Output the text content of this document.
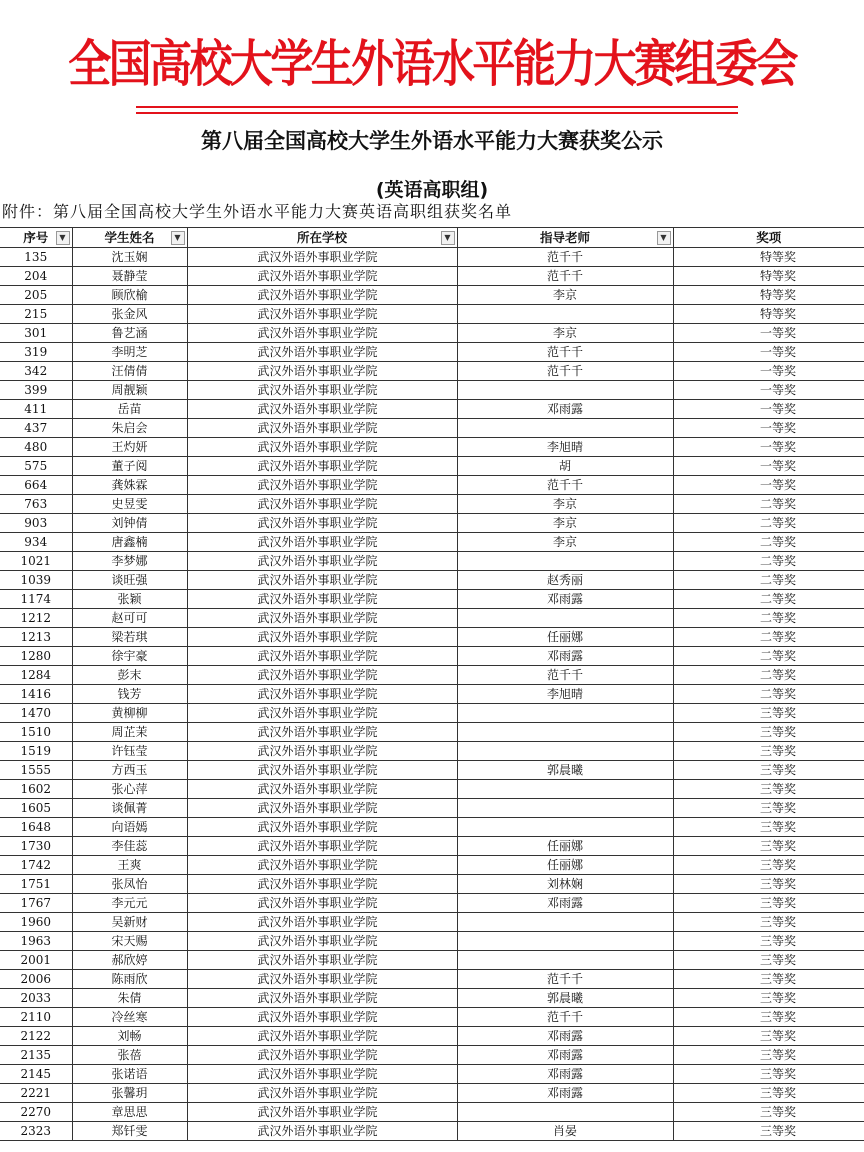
全国高校大学生外语水平能力大赛组委会
第八届全国高校大学生外语水平能力大赛获奖公示
(英语高职组)
附件：第八届全国高校大学生外语水平能力大赛英语高职组获奖名单
序号 ▼	学生姓名 ▼	所在学校 ▼	指导老师 ▼	奖项
135	沈玉娴	武汉外语外事职业学院	范千千	特等奖
204	聂静莹	武汉外语外事职业学院	范千千	特等奖
205	顾欣榆	武汉外语外事职业学院	李京	特等奖
215	张金风	武汉外语外事职业学院		特等奖
301	鲁艺涵	武汉外语外事职业学院	李京	一等奖
319	李明芝	武汉外语外事职业学院	范千千	一等奖
342	汪倩倩	武汉外语外事职业学院	范千千	一等奖
399	周靓颖	武汉外语外事职业学院		一等奖
411	岳苗	武汉外语外事职业学院	邓雨露	一等奖
437	朱启会	武汉外语外事职业学院		一等奖
480	王灼妍	武汉外语外事职业学院	李旭晴	一等奖
575	董子阅	武汉外语外事职业学院	胡	一等奖
664	龚姝霖	武汉外语外事职业学院	范千千	一等奖
763	史昱雯	武汉外语外事职业学院	李京	二等奖
903	刘钟倩	武汉外语外事职业学院	李京	二等奖
934	唐鑫楠	武汉外语外事职业学院	李京	二等奖
1021	李梦娜	武汉外语外事职业学院		二等奖
1039	谈旺强	武汉外语外事职业学院	赵秀丽	二等奖
1174	张颖	武汉外语外事职业学院	邓雨露	二等奖
1212	赵可可	武汉外语外事职业学院		二等奖
1213	梁若琪	武汉外语外事职业学院	任丽娜	二等奖
1280	徐宇豪	武汉外语外事职业学院	邓雨露	二等奖
1284	彭末	武汉外语外事职业学院	范千千	二等奖
1416	钱芳	武汉外语外事职业学院	李旭晴	二等奖
1470	黄柳柳	武汉外语外事职业学院		三等奖
1510	周芷茉	武汉外语外事职业学院		三等奖
1519	许钰莹	武汉外语外事职业学院		三等奖
1555	方西玉	武汉外语外事职业学院	郭晨曦	三等奖
1602	张心萍	武汉外语外事职业学院		三等奖
1605	谈佩菁	武汉外语外事职业学院		三等奖
1648	向语嫣	武汉外语外事职业学院		三等奖
1730	李佳蕊	武汉外语外事职业学院	任丽娜	三等奖
1742	王爽	武汉外语外事职业学院	任丽娜	三等奖
1751	张凤怡	武汉外语外事职业学院	刘林娴	三等奖
1767	李元元	武汉外语外事职业学院	邓雨露	三等奖
1960	吴新财	武汉外语外事职业学院		三等奖
1963	宋天赐	武汉外语外事职业学院		三等奖
2001	郝欣婷	武汉外语外事职业学院		三等奖
2006	陈雨欣	武汉外语外事职业学院	范千千	三等奖
2033	朱倩	武汉外语外事职业学院	郭晨曦	三等奖
2110	冷丝寒	武汉外语外事职业学院	范千千	三等奖
2122	刘畅	武汉外语外事职业学院	邓雨露	三等奖
2135	张蓓	武汉外语外事职业学院	邓雨露	三等奖
2145	张诺语	武汉外语外事职业学院	邓雨露	三等奖
2221	张馨玥	武汉外语外事职业学院	邓雨露	三等奖
2270	章思思	武汉外语外事职业学院		三等奖
2323	郑钎雯	武汉外语外事职业学院	肖晏	三等奖
